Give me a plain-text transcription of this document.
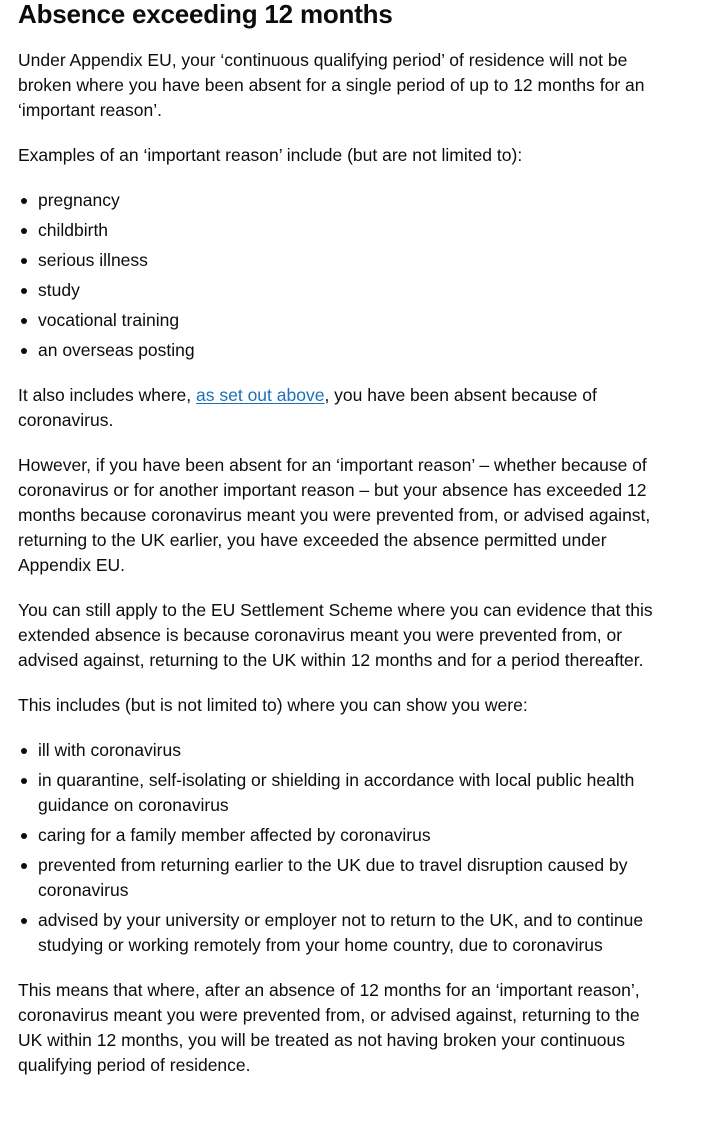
Absence exceeding 12 months

Under Appendix EU, your ‘continuous qualifying period’ of residence will not be broken where you have been absent for a single period of up to 12 months for an ‘important reason’.

Examples of an ‘important reason’ include (but are not limited to):

pregnancy
childbirth
serious illness
study
vocational training
an overseas posting

It also includes where, as set out above, you have been absent because of coronavirus.

However, if you have been absent for an ‘important reason’ – whether because of coronavirus or for another important reason – but your absence has exceeded 12 months because coronavirus meant you were prevented from, or advised against, returning to the UK earlier, you have exceeded the absence permitted under Appendix EU.

You can still apply to the EU Settlement Scheme where you can evidence that this extended absence is because coronavirus meant you were prevented from, or advised against, returning to the UK within 12 months and for a period thereafter.

This includes (but is not limited to) where you can show you were:

ill with coronavirus
in quarantine, self-isolating or shielding in accordance with local public health guidance on coronavirus
caring for a family member affected by coronavirus
prevented from returning earlier to the UK due to travel disruption caused by coronavirus
advised by your university or employer not to return to the UK, and to continue studying or working remotely from your home country, due to coronavirus

This means that where, after an absence of 12 months for an ‘important reason’, coronavirus meant you were prevented from, or advised against, returning to the UK within 12 months, you will be treated as not having broken your continuous qualifying period of residence.
